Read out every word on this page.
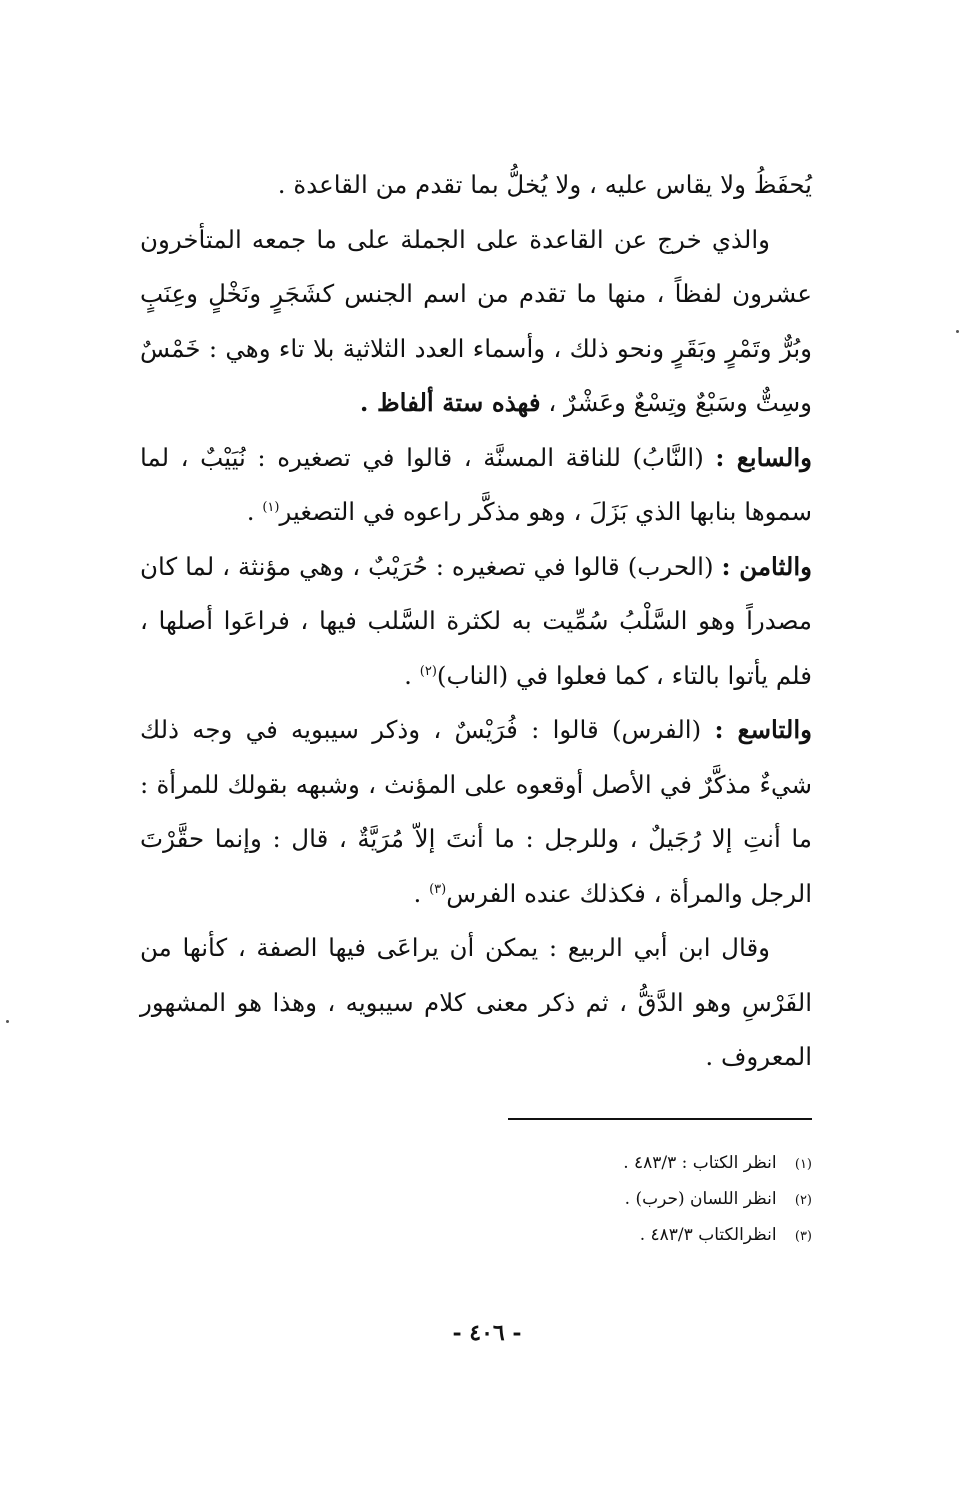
يُحفَظُ ولا يقاس عليه ، ولا يُخلُّ بما تقدم من القاعدة .

والذي خرج عن القاعدة على الجملة على ما جمعه المتأخرون عشرون لفظاً ، منها ما تقدم من اسم الجنس كشَجَرٍ ونَخْلٍ وعِنَبٍ وبُرٌّ وتَمْرٍ وبَقَرٍ ونحو ذلك ، وأسماء العدد الثلاثية بلا تاء وهي : خَمْسٌ وسِتٌّ وسَبْعٌ وتِسْعٌ وعَشْرٌ ، فهذه ستة ألفاظ .

والسابع : (النَّابُ) للناقة المسنَّة ، قالوا في تصغيره : نُيَيْبٌ ، لما سموها بنابها الذي بَزَلَ ، وهو مذكَّر راعوه في التصغير$^{(١)}$ .

والثامن : (الحرب) قالوا في تصغيره : حُرَيْبٌ ، وهي مؤنثة ، لما كان مصدراً وهو السَّلْبُ سُمِّيت به لكثرة السَّلب فيها ، فراعَوا أصلها ، فلم يأتوا بالتاء ، كما فعلوا في (الناب)$^{(٢)}$ .

والتاسع : (الفرس) قالوا : فُرَيْسٌ ، وذكر سيبويه في وجه ذلك شيءٌ مذكَّرٌ في الأصل أوقعوه على المؤنث ، وشبهه بقولك للمرأة : ما أنتِ إلا رُجَيلٌ ، وللرجل : ما أنتَ إلاّ مُرَيَّةٌ ، قال : وإنما حقَّرْتَ الرجل والمرأة ، فكذلك عنده الفرس$^{(٣)}$ .

وقال ابن أبي الربيع : يمكن أن يراعَى فيها الصفة ، كأنها من الفَرْسِ وهو الدَّقُّ ، ثم ذكر معنى كلام سيبويه ، وهذا هو المشهور المعروف .

(١) انظر الكتاب : ٤٨٣/٣ .

(٢) انظر اللسان (حرب) .

(٣) انظرالكتاب ٤٨٣/٣ .

- ٤٠٦ -
